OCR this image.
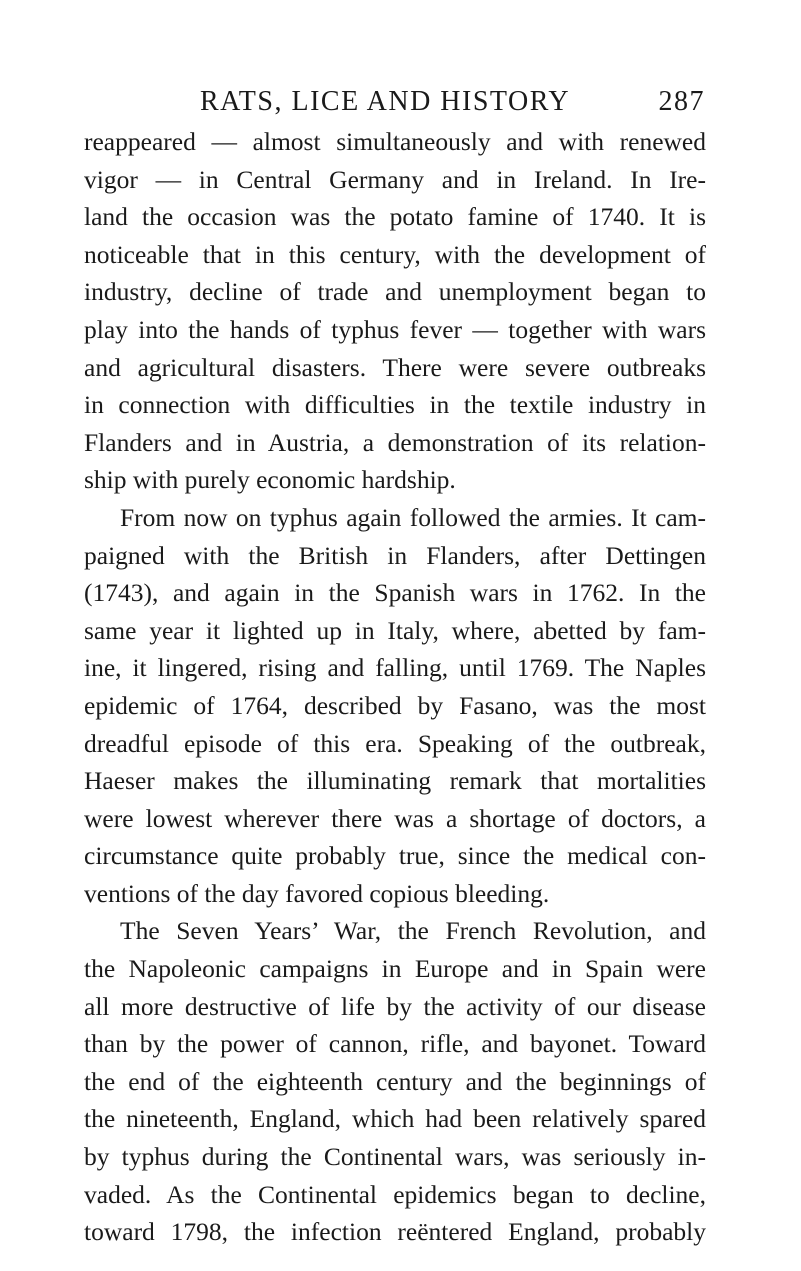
RATS, LICE AND HISTORY	287
reappeared — almost simultaneously and with renewed
vigor — in Central Germany and in Ireland. In Ire-
land the occasion was the potato famine of 1740. It is
noticeable that in this century, with the development of
industry, decline of trade and unemployment began to
play into the hands of typhus fever — together with wars
and agricultural disasters. There were severe outbreaks
in connection with difficulties in the textile industry in
Flanders and in Austria, a demonstration of its relation-
ship with purely economic hardship.
From now on typhus again followed the armies. It cam-
paigned with the British in Flanders, after Dettingen
(1743), and again in the Spanish wars in 1762. In the
same year it lighted up in Italy, where, abetted by fam-
ine, it lingered, rising and falling, until 1769. The Naples
epidemic of 1764, described by Fasano, was the most
dreadful episode of this era. Speaking of the outbreak,
Haeser makes the illuminating remark that mortalities
were lowest wherever there was a shortage of doctors, a
circumstance quite probably true, since the medical con-
ventions of the day favored copious bleeding.
The Seven Years’ War, the French Revolution, and
the Napoleonic campaigns in Europe and in Spain were
all more destructive of life by the activity of our disease
than by the power of cannon, rifle, and bayonet. Toward
the end of the eighteenth century and the beginnings of
the nineteenth, England, which had been relatively spared
by typhus during the Continental wars, was seriously in-
vaded. As the Continental epidemics began to decline,
toward 1798, the infection reëntered England, probably
